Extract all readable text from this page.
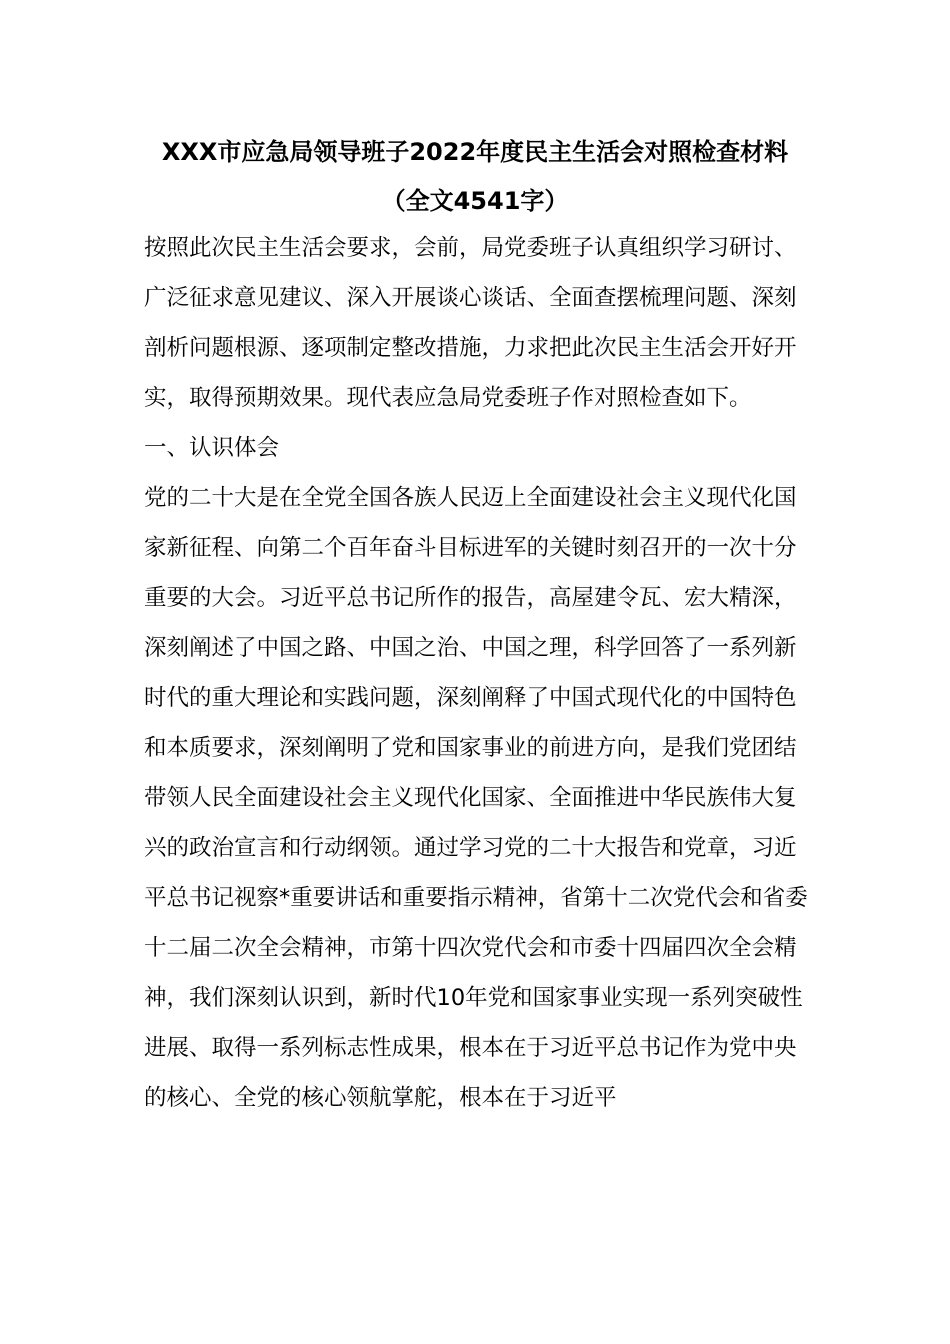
XXX市应急局领导班子2022年度民主生活会对照检查材料
（全文4541字）
按照此次民主生活会要求，会前，局党委班子认真组织学习研讨、
广泛征求意见建议、深入开展谈心谈话、全面查摆梳理问题、深刻
剖析问题根源、逐项制定整改措施，力求把此次民主生活会开好开
实，取得预期效果。现代表应急局党委班子作对照检查如下。
一、认识体会
党的二十大是在全党全国各族人民迈上全面建设社会主义现代化国
家新征程、向第二个百年奋斗目标进军的关键时刻召开的一次十分
重要的大会。习近平总书记所作的报告，高屋建令瓦、宏大精深，
深刻阐述了中国之路、中国之治、中国之理，科学回答了一系列新
时代的重大理论和实践问题，深刻阐释了中国式现代化的中国特色
和本质要求，深刻阐明了党和国家事业的前进方向，是我们党团结
带领人民全面建设社会主义现代化国家、全面推进中华民族伟大复
兴的政治宣言和行动纲领。通过学习党的二十大报告和党章，习近
平总书记视察*重要讲话和重要指示精神，省第十二次党代会和省委
十二届二次全会精神，市第十四次党代会和市委十四届四次全会精
神，我们深刻认识到，新时代10年党和国家事业实现一系列突破性
进展、取得一系列标志性成果，根本在于习近平总书记作为党中央
的核心、全党的核心领航掌舵，根本在于习近平
